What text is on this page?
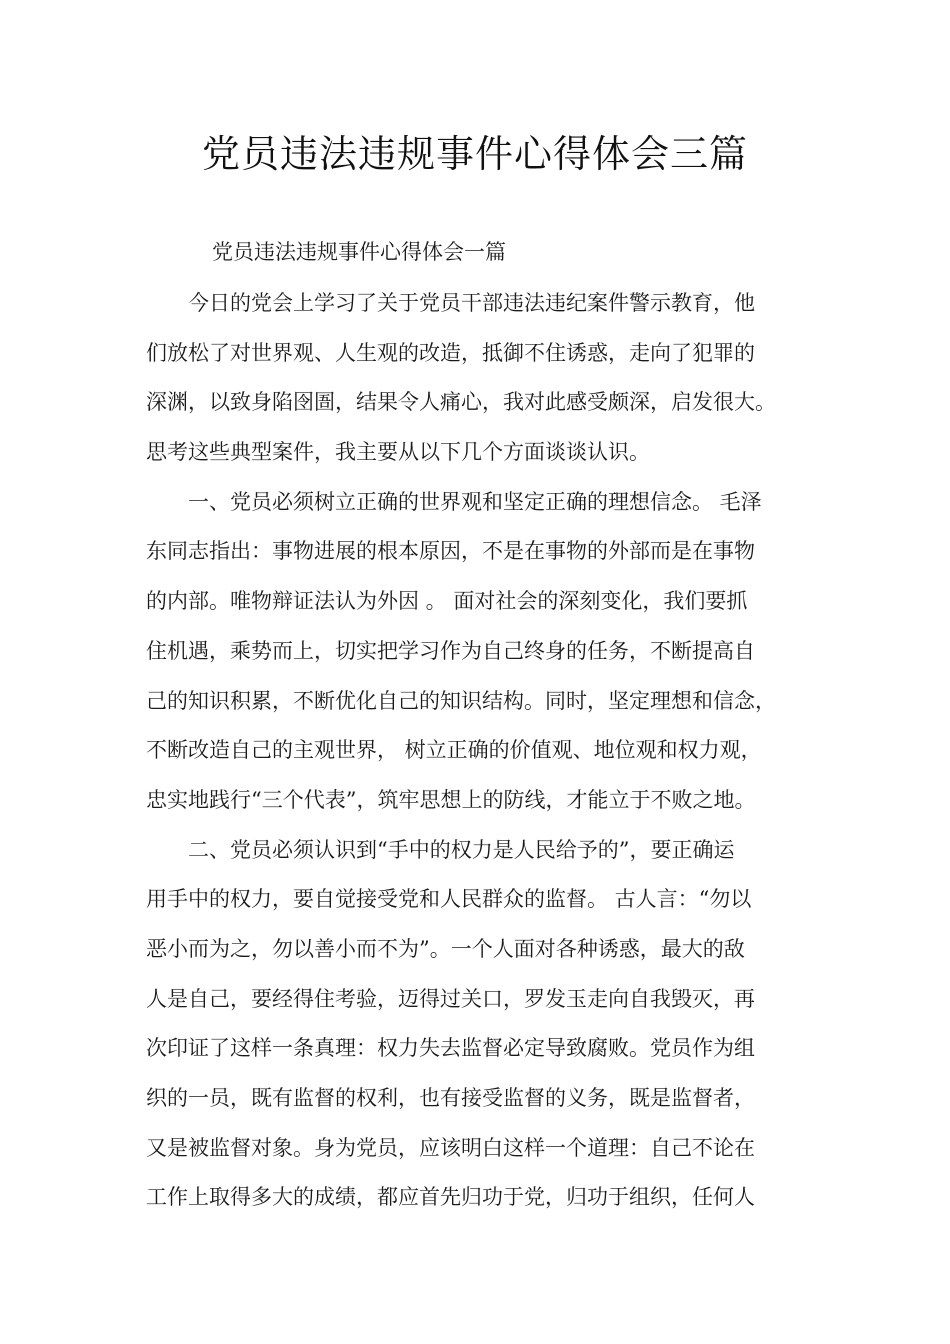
党员违法违规事件心得体会三篇
党员违法违规事件心得体会一篇
今日的党会上学习了关于党员干部违法违纪案件警示教育，他
们放松了对世界观、人生观的改造，抵御不住诱惑，走向了犯罪的
深渊，以致身陷囹圄，结果令人痛心，我对此感受颇深，启发很大。
思考这些典型案件，我主要从以下几个方面谈谈认识。
一、党员必须树立正确的世界观和坚定正确的理想信念。 毛泽
东同志指出：事物进展的根本原因，不是在事物的外部而是在事物
的内部。唯物辩证法认为外因 。 面对社会的深刻变化，我们要抓
住机遇，乘势而上，切实把学习作为自己终身的任务，不断提高自
己的知识积累，不断优化自己的知识结构。同时，坚定理想和信念，
不断改造自己的主观世界， 树立正确的价值观、地位观和权力观，
忠实地践行“三个代表”，筑牢思想上的防线，才能立于不败之地。
二、党员必须认识到“手中的权力是人民给予的”，要正确运
用手中的权力，要自觉接受党和人民群众的监督。 古人言：“勿以
恶小而为之，勿以善小而不为”。一个人面对各种诱惑，最大的敌
人是自己，要经得住考验，迈得过关口，罗发玉走向自我毁灭，再
次印证了这样一条真理：权力失去监督必定导致腐败。党员作为组
织的一员，既有监督的权利，也有接受监督的义务，既是监督者，
又是被监督对象。身为党员，应该明白这样一个道理：自己不论在
工作上取得多大的成绩，都应首先归功于党，归功于组织，任何人
